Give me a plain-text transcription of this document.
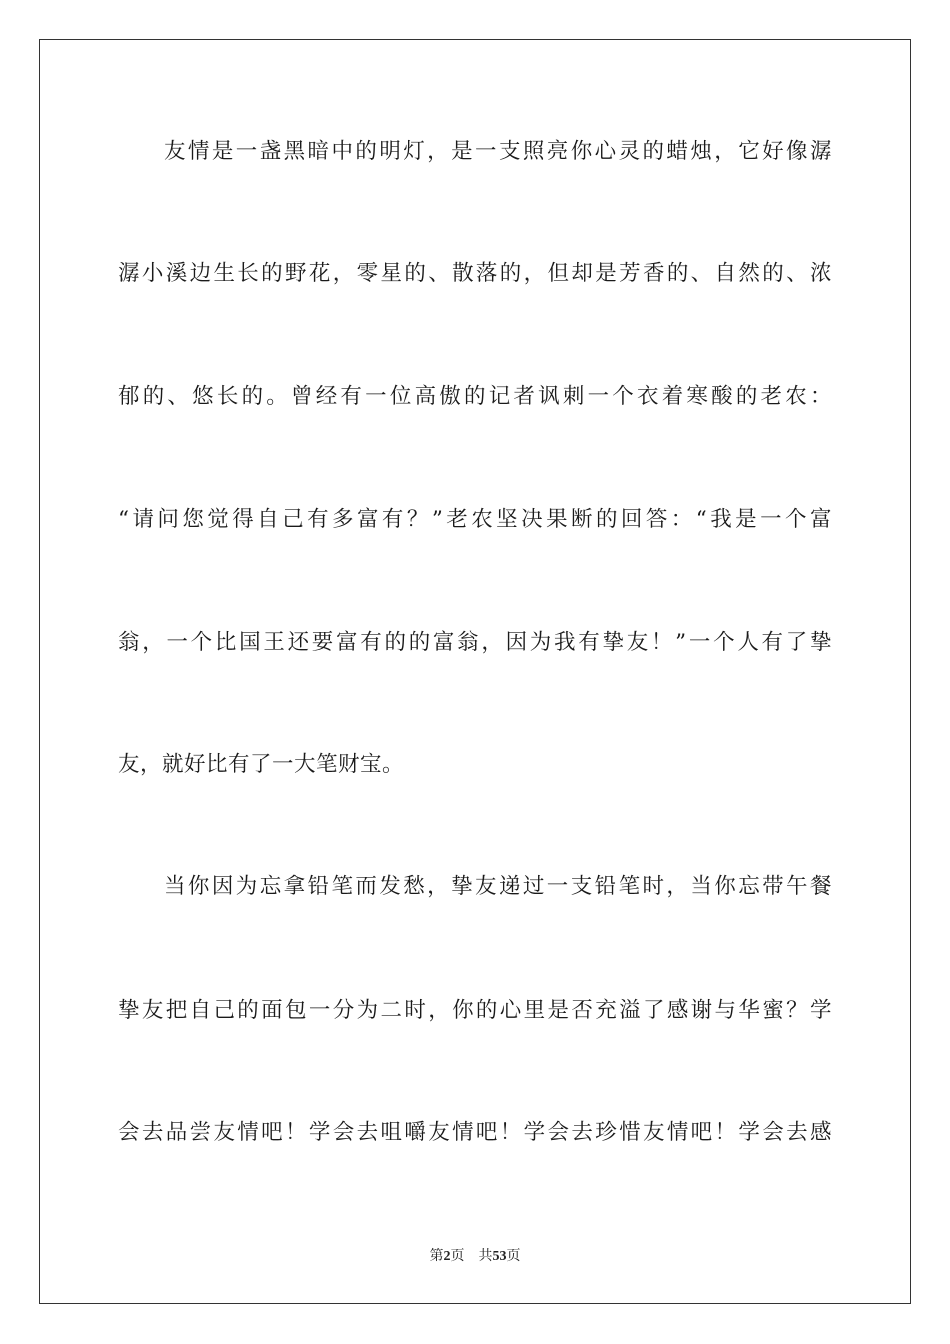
友情是一盏黑暗中的明灯，是一支照亮你心灵的蜡烛，它好像潺
潺小溪边生长的野花，零星的、散落的，但却是芳香的、自然的、浓
郁的、悠长的。曾经有一位高傲的记者讽刺一个衣着寒酸的老农：
“请问您觉得自己有多富有？”老农坚决果断的回答：“我是一个富
翁，一个比国王还要富有的的富翁，因为我有挚友！”一个人有了挚
友，就好比有了一大笔财宝。
当你因为忘拿铅笔而发愁，挚友递过一支铅笔时，当你忘带午餐
挚友把自己的面包一分为二时，你的心里是否充溢了感谢与华蜜？学
会去品尝友情吧！学会去咀嚼友情吧！学会去珍惜友情吧！学会去感
第2页 共53页
